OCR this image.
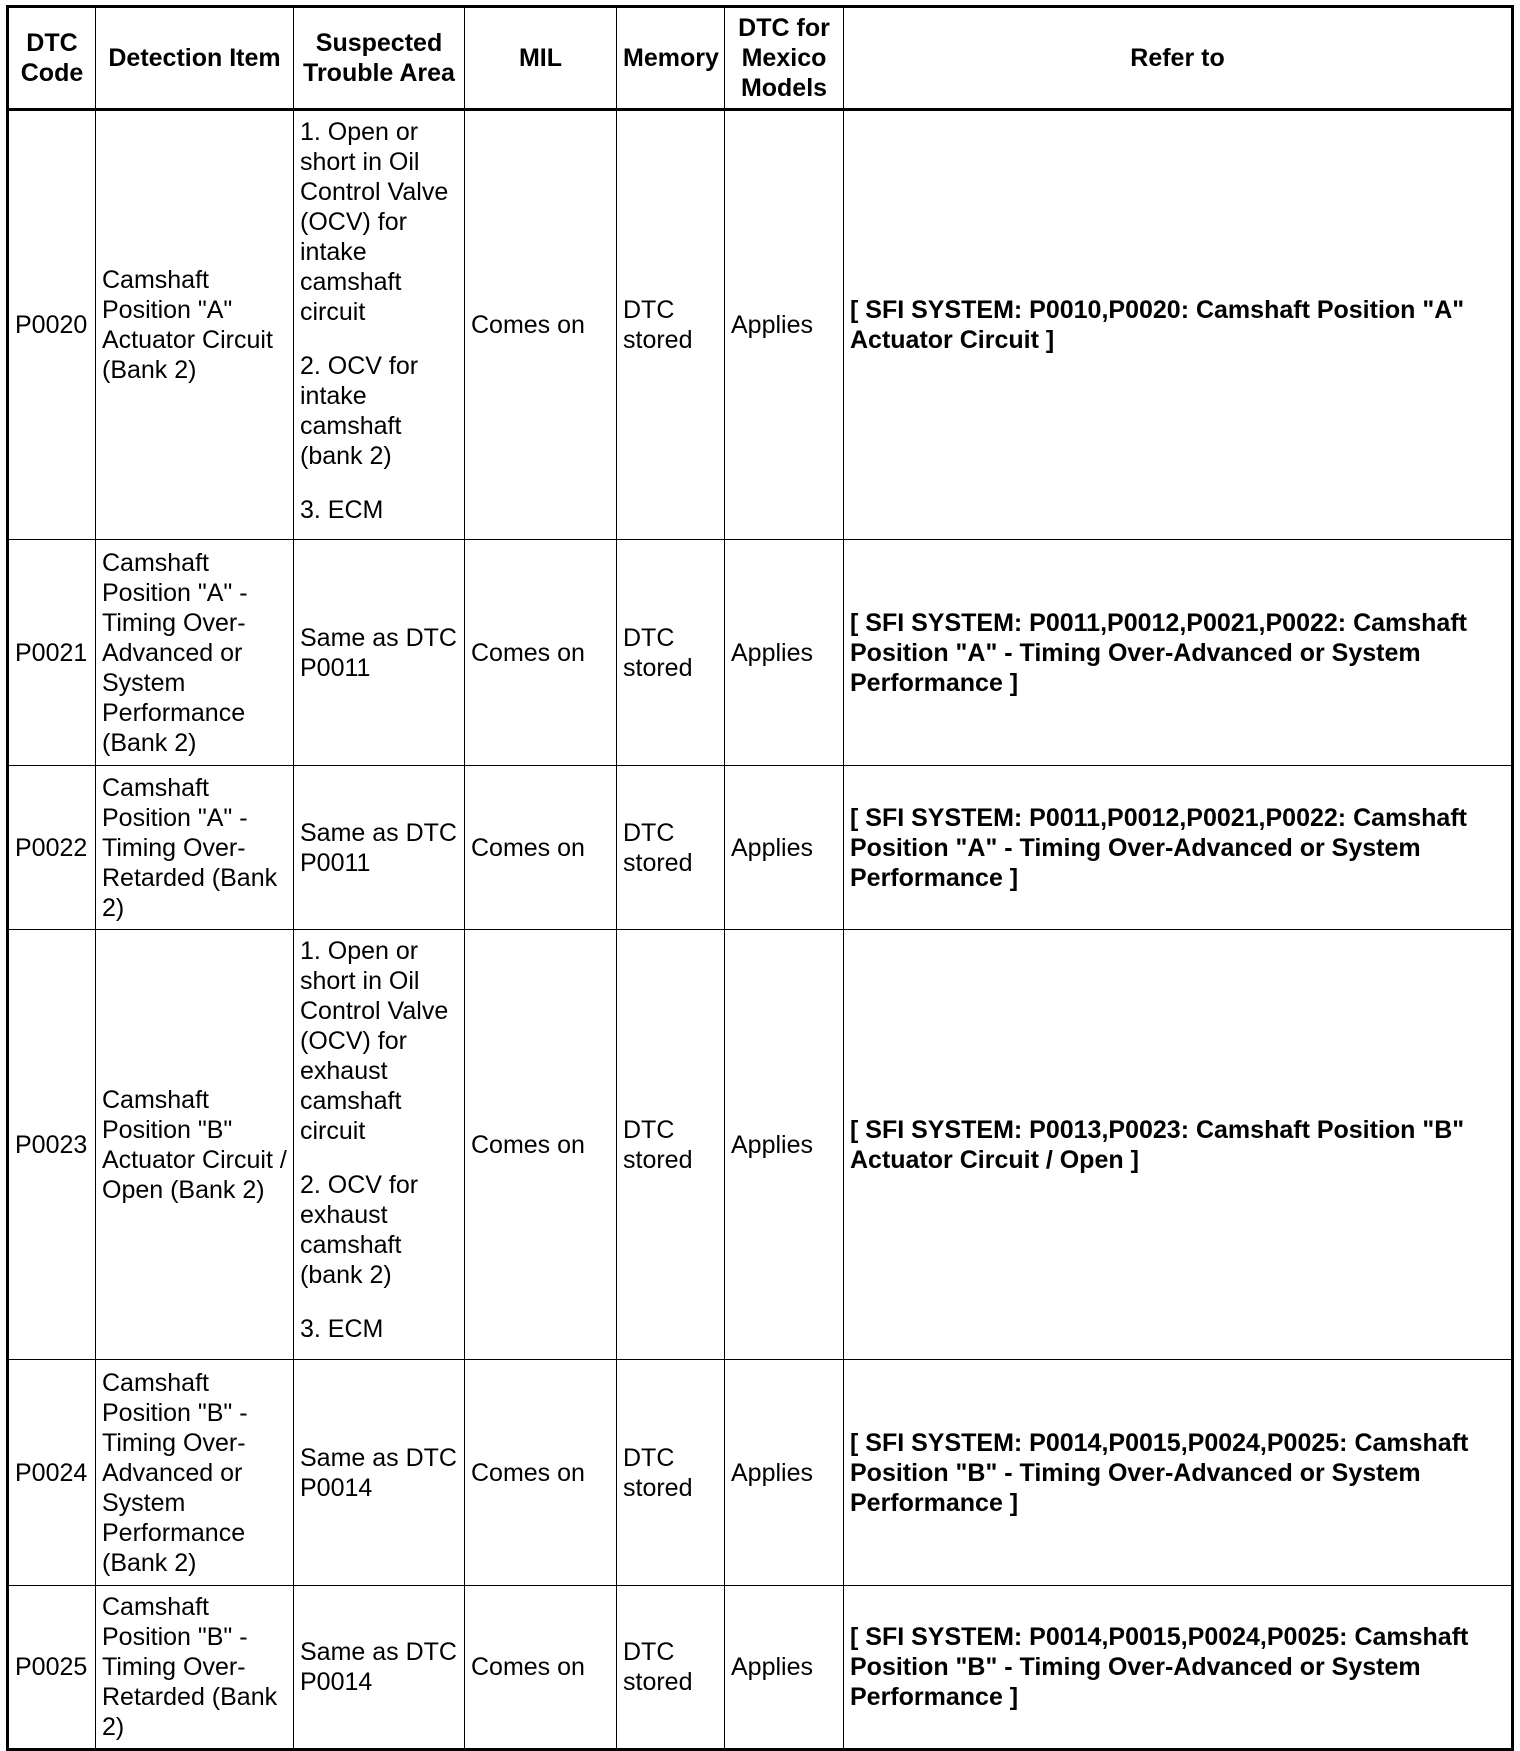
DTC Code	Detection Item	Suspected Trouble Area	MIL	Memory	DTC for Mexico Models	Refer to
P0020	Camshaft Position "A" Actuator Circuit (Bank 2)	1. Open or short in Oil Control Valve (OCV) for intake camshaft circuit
2. OCV for intake camshaft (bank 2)
3. ECM	Comes on	DTC stored	Applies	[ SFI SYSTEM: P0010,P0020: Camshaft Position "A" Actuator Circuit ]
P0021	Camshaft Position "A" - Timing Over-Advanced or System Performance (Bank 2)	Same as DTC P0011	Comes on	DTC stored	Applies	[ SFI SYSTEM: P0011,P0012,P0021,P0022: Camshaft Position "A" - Timing Over-Advanced or System Performance ]
P0022	Camshaft Position "A" - Timing Over-Retarded (Bank 2)	Same as DTC P0011	Comes on	DTC stored	Applies	[ SFI SYSTEM: P0011,P0012,P0021,P0022: Camshaft Position "A" - Timing Over-Advanced or System Performance ]
P0023	Camshaft Position "B" Actuator Circuit / Open (Bank 2)	1. Open or short in Oil Control Valve (OCV) for exhaust camshaft circuit
2. OCV for exhaust camshaft (bank 2)
3. ECM	Comes on	DTC stored	Applies	[ SFI SYSTEM: P0013,P0023: Camshaft Position "B" Actuator Circuit / Open ]
P0024	Camshaft Position "B" - Timing Over-Advanced or System Performance (Bank 2)	Same as DTC P0014	Comes on	DTC stored	Applies	[ SFI SYSTEM: P0014,P0015,P0024,P0025: Camshaft Position "B" - Timing Over-Advanced or System Performance ]
P0025	Camshaft Position "B" - Timing Over-Retarded (Bank 2)	Same as DTC P0014	Comes on	DTC stored	Applies	[ SFI SYSTEM: P0014,P0015,P0024,P0025: Camshaft Position "B" - Timing Over-Advanced or System Performance ]
